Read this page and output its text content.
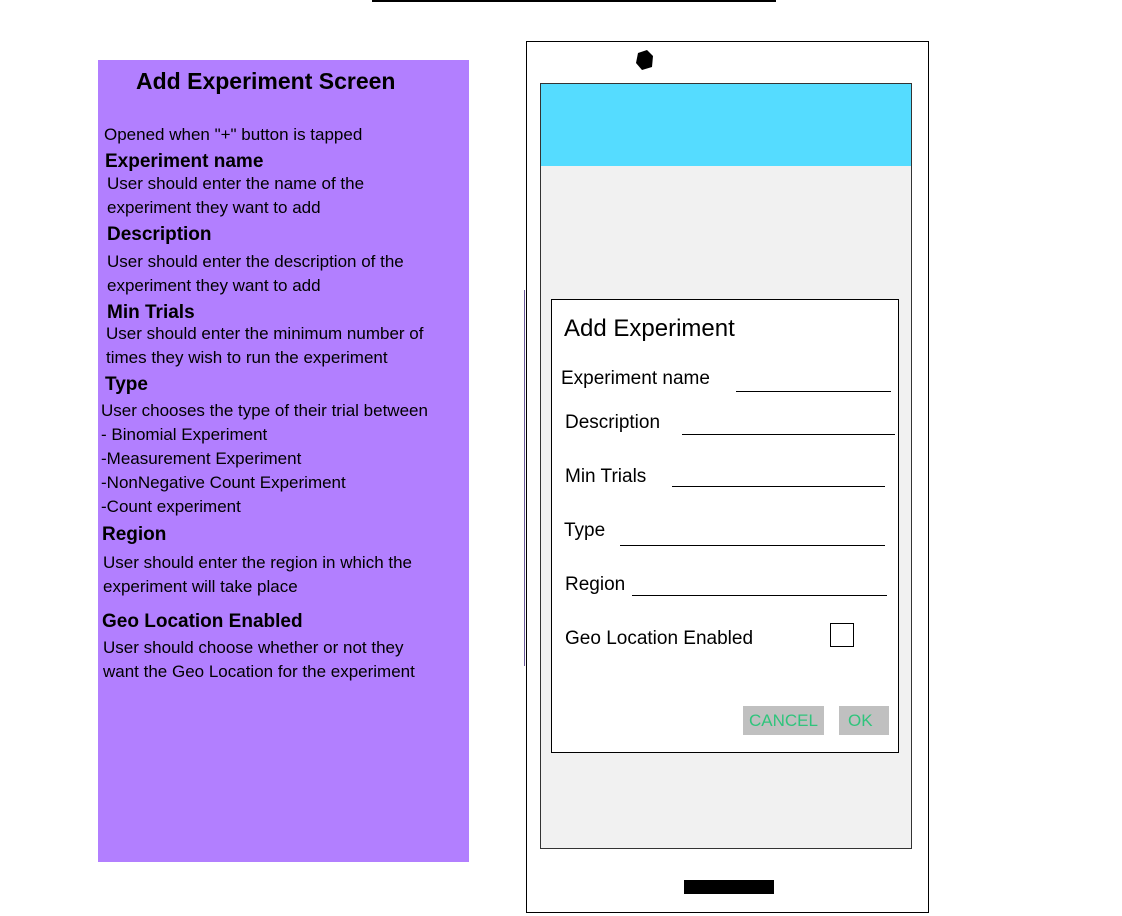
Add Experiment Screen
Opened when "+" button is tapped
Experiment name
User should enter the name of the
experiment they want to add
Description
User should enter the description of the
experiment they want to add
Min Trials
User should enter the minimum number of
times they wish to run the experiment
Type
User chooses the type of their trial between
- Binomial Experiment
-Measurement Experiment
-NonNegative Count Experiment
-Count experiment
Region
User should enter the region in which the
experiment will take place
Geo Location Enabled
User should choose whether or not they
want the Geo Location for the experiment
Add Experiment
Experiment name
Description
Min Trials
Type
Region
Geo Location Enabled
CANCEL	OK
